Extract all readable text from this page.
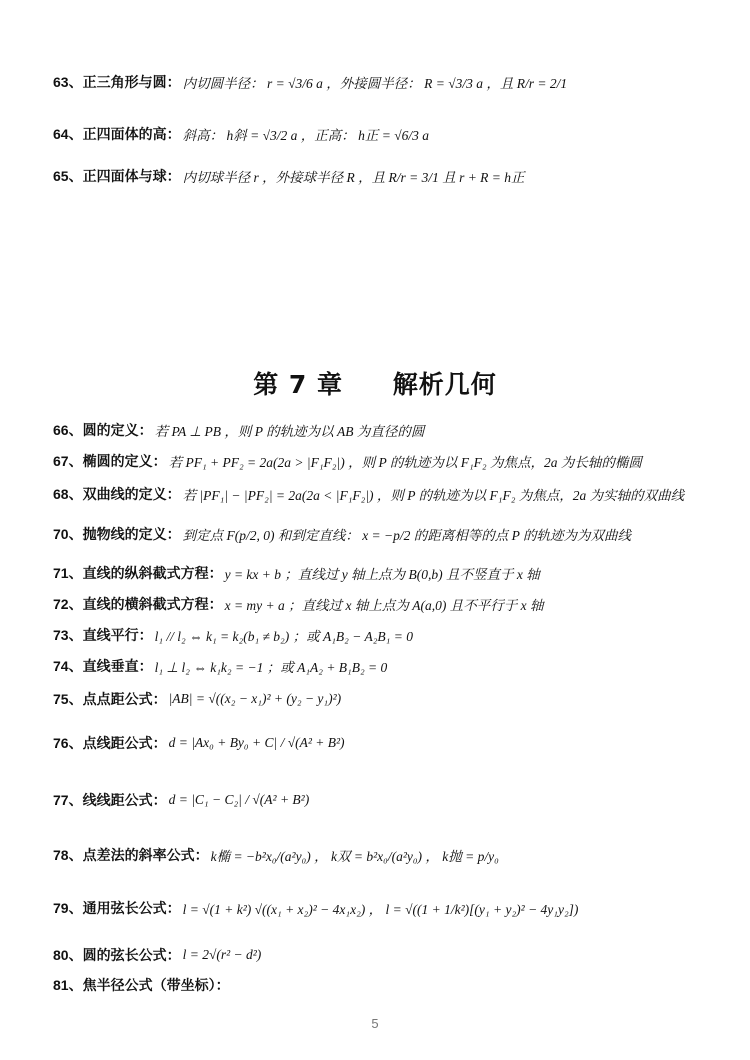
63、 正三角形与圆： 内切圆半径： r = √3/6 a ，外接圆半径： R = √3/3 a ，且 R/r = 2/1
64、 正四面体的高： 斜高： h斜 = √3/2 a ，正高： h正 = √6/3 a
65、 正四面体与球： 内切球半径 r ，外接球半径 R ，且 R/r = 3/1 且 r + R = h正
第 7 章 解析几何
66、 圆的定义： 若 PA ⊥ PB ，则 P 的轨迹为以 AB 为直径的圆
67、 椭圆的定义： 若 PF₁ + PF₂ = 2a(2a > |F₁F₂|) ，则 P 的轨迹为以 F₁F₂ 为焦点，2a 为长轴的椭圆
68、 双曲线的定义： 若 |PF₁| − |PF₂| = 2a(2a < |F₁F₂|) ，则 P 的轨迹为以 F₁F₂ 为焦点，2a 为实轴的双曲线
70、 抛物线的定义： 到定点 F(p/2, 0) 和到定直线： x = −p/2 的距离相等的点 P 的轨迹为为双曲线
71、 直线的纵斜截式方程： y = kx + b ；直线过 y 轴上点为 B(0,b) 且不竖直于 x 轴
72、 直线的横斜截式方程： x = my + a ；直线过 x 轴上点为 A(a,0) 且不平行于 x 轴
73、 直线平行： l₁ // l₂ ⇔ k₁ = k₂(b₁ ≠ b₂) ；或 A₁B₂ − A₂B₁ = 0
74、 直线垂直： l₁ ⊥ l₂ ⇔ k₁k₂ = −1 ；或 A₁A₂ + B₁B₂ = 0
75、 点点距公式： |AB| = √((x₂ − x₁)² + (y₂ − y₁)²)
76、 点线距公式： d = |Ax₀ + By₀ + C| / √(A² + B²)
77、 线线距公式： d = |C₁ − C₂| / √(A² + B²)
78、 点差法的斜率公式： k椭 = −b²x₀/(a²y₀) ， k双 = b²x₀/(a²y₀) ， k抛 = p/y₀
79、 通用弦长公式： l = √(1 + k²) √((x₁ + x₂)² − 4x₁x₂) ， l = √((1 + 1/k²)[(y₁ + y₂)² − 4y₁y₂])
80、 圆的弦长公式： l = 2√(r² − d²)
81、 焦半径公式（带坐标）：
5
